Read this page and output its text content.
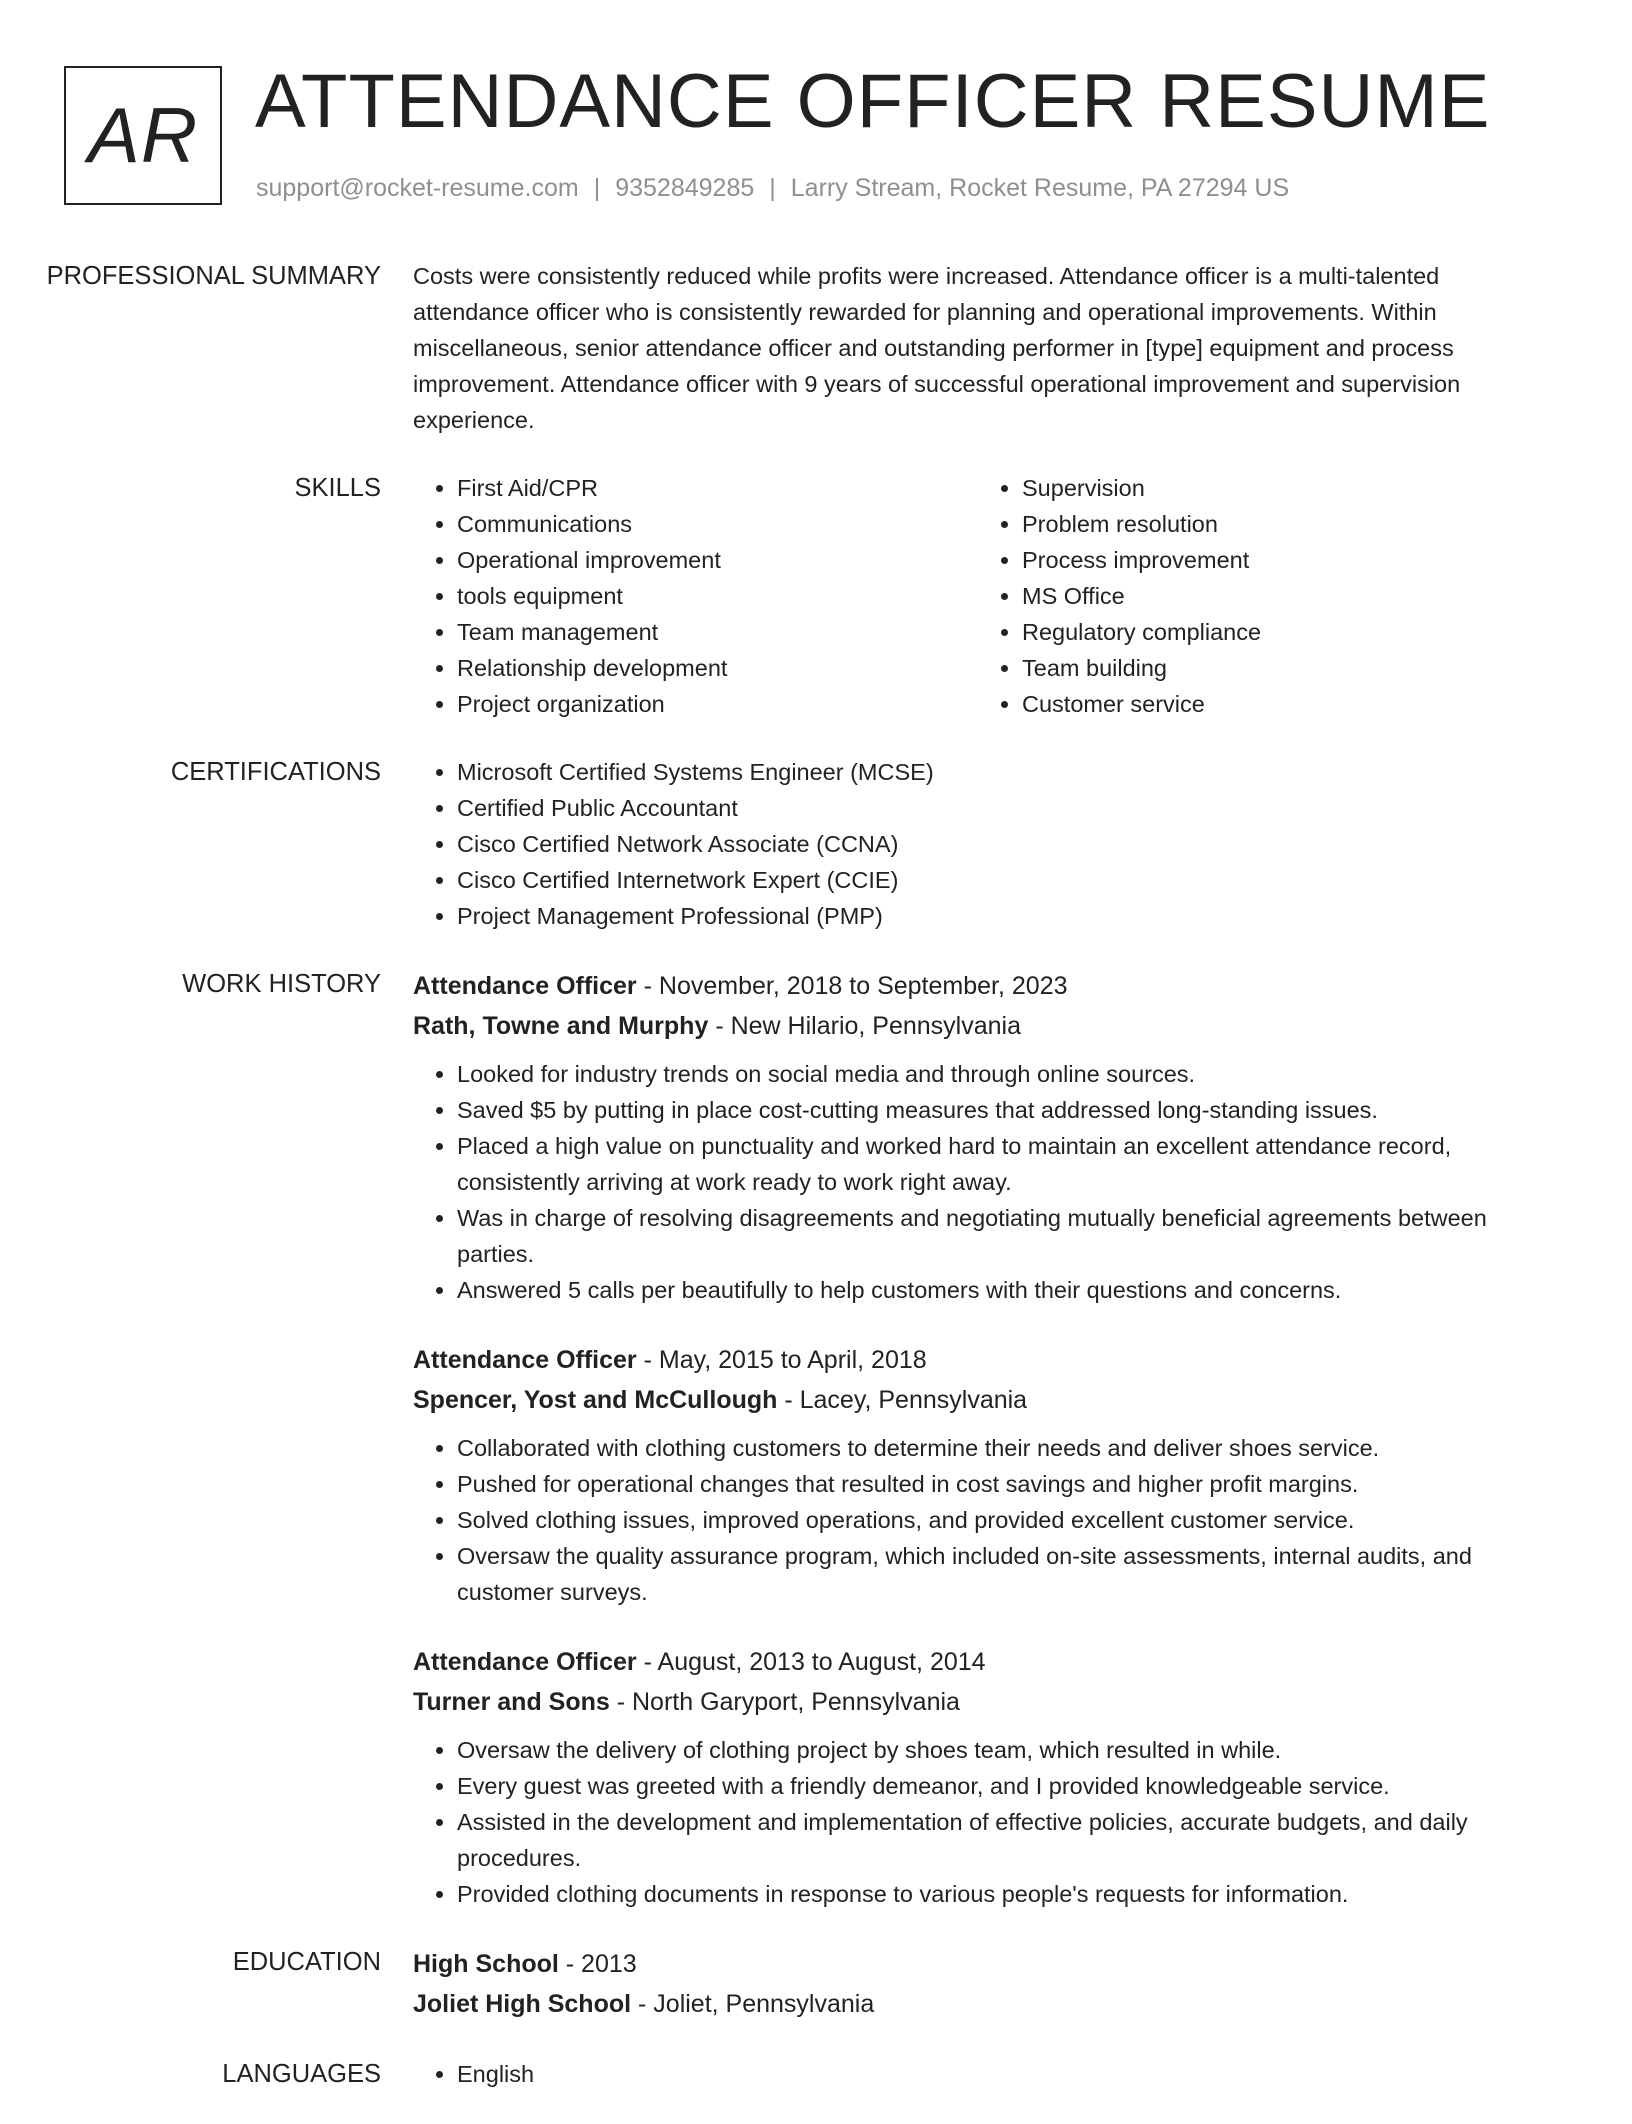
AR ATTENDANCE OFFICER RESUME
support@rocket-resume.com | 9352849285 | Larry Stream, Rocket Resume, PA 27294 US
PROFESSIONAL SUMMARY	Costs were consistently reduced while profits were increased. Attendance officer is a multi-talented attendance officer who is consistently rewarded for planning and operational improvements. Within miscellaneous, senior attendance officer and outstanding performer in [type] equipment and process improvement. Attendance officer with 9 years of successful operational improvement and supervision experience.

SKILLS	• First Aid/CPR
• Communications
• Operational improvement
• tools equipment
• Team management
• Relationship development
• Project organization
• Supervision
• Problem resolution
• Process improvement
• MS Office
• Regulatory compliance
• Team building
• Customer service
CERTIFICATIONS	• Microsoft Certified Systems Engineer (MCSE)
• Certified Public Accountant
• Cisco Certified Network Associate (CCNA)
• Cisco Certified Internetwork Expert (CCIE)
• Project Management Professional (PMP)
WORK HISTORY	Attendance Officer - November, 2018 to September, 2023
Rath, Towne and Murphy - New Hilario, Pennsylvania
• Looked for industry trends on social media and through online sources.
• Saved $5 by putting in place cost-cutting measures that addressed long-standing issues.
• Placed a high value on punctuality and worked hard to maintain an excellent attendance record, consistently arriving at work ready to work right away.
• Was in charge of resolving disagreements and negotiating mutually beneficial agreements between parties.
• Answered 5 calls per beautifully to help customers with their questions and concerns.
Attendance Officer - May, 2015 to April, 2018
Spencer, Yost and McCullough - Lacey, Pennsylvania
• Collaborated with clothing customers to determine their needs and deliver shoes service.
• Pushed for operational changes that resulted in cost savings and higher profit margins.
• Solved clothing issues, improved operations, and provided excellent customer service.
• Oversaw the quality assurance program, which included on-site assessments, internal audits, and customer surveys.
Attendance Officer - August, 2013 to August, 2014
Turner and Sons - North Garyport, Pennsylvania
• Oversaw the delivery of clothing project by shoes team, which resulted in while.
• Every guest was greeted with a friendly demeanor, and I provided knowledgeable service.
• Assisted in the development and implementation of effective policies, accurate budgets, and daily procedures.
• Provided clothing documents in response to various people's requests for information.
EDUCATION	High School - 2013
Joliet High School - Joliet, Pennsylvania
LANGUAGES	• English
